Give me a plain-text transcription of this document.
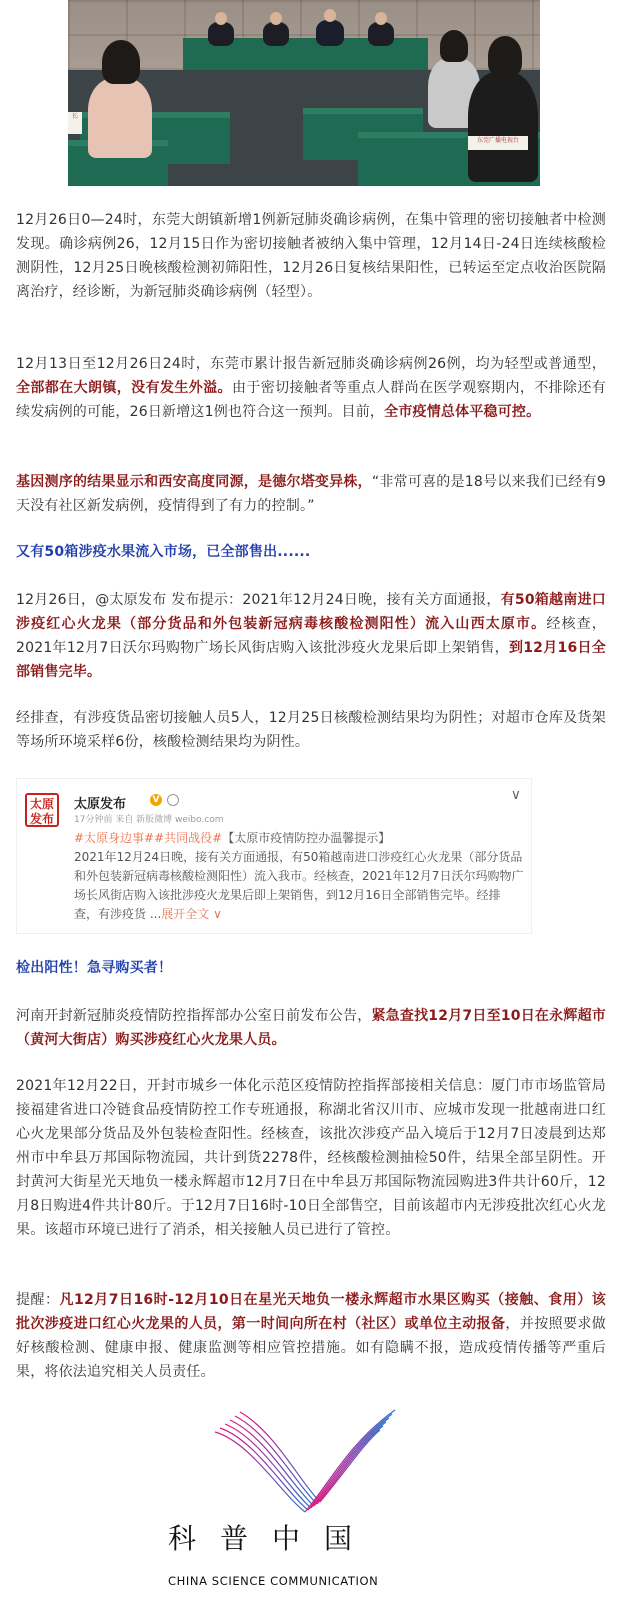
长
东莞广播电视台

12月26日0—24时，东莞大朗镇新增1例新冠肺炎确诊病例，在集中管理的密切接触者中检测发现。确诊病例26，12月15日作为密切接触者被纳入集中管理，12月14日-24日连续核酸检测阴性，12月25日晚核酸检测初筛阳性，12月26日复核结果阳性，已转运至定点收治医院隔离治疗，经诊断，为新冠肺炎确诊病例（轻型）。

12月13日至12月26日24时，东莞市累计报告新冠肺炎确诊病例26例，均为轻型或普通型，全部都在大朗镇，没有发生外溢。由于密切接触者等重点人群尚在医学观察期内，不排除还有续发病例的可能，26日新增这1例也符合这一预判。目前，全市疫情总体平稳可控。

基因测序的结果显示和西安高度同源，是德尔塔变异株，“非常可喜的是18号以来我们已经有9天没有社区新发病例，疫情得到了有力的控制。”

又有50箱涉疫水果流入市场，已全部售出......

12月26日，@太原发布 发布提示：2021年12月24日晚，接有关方面通报，有50箱越南进口涉疫红心火龙果（部分货品和外包装新冠病毒核酸检测阳性）流入山西太原市。经核查，2021年12月7日沃尔玛购物广场长风街店购入该批涉疫火龙果后即上架销售，到12月16日全部销售完毕。

经排查，有涉疫货品密切接触人员5人，12月25日核酸检测结果均为阴性；对超市仓库及货架等场所环境采样6份，核酸检测结果均为阴性。

太原
发布
太原发布	V	∨
17分钟前 来自 新版微博 weibo.com
#太原身边事##共同战役#【太原市疫情防控办温馨提示】
2021年12月24日晚，接有关方面通报，有50箱越南进口涉疫红心火龙果（部分货品和外包装新冠病毒核酸检测阳性）流入我市。经核查，2021年12月7日沃尔玛购物广场长风街店购入该批涉疫火龙果后即上架销售，到12月16日全部销售完毕。经排查，有涉疫货 ...展开全文 ∨

检出阳性！急寻购买者！

河南开封新冠肺炎疫情防控指挥部办公室日前发布公告，紧急查找12月7日至10日在永辉超市（黄河大街店）购买涉疫红心火龙果人员。

2021年12月22日，开封市城乡一体化示范区疫情防控指挥部接相关信息：厦门市市场监管局接福建省进口冷链食品疫情防控工作专班通报，称湖北省汉川市、应城市发现一批越南进口红心火龙果部分货品及外包装检查阳性。经核查，该批次涉疫产品入境后于12月7日凌晨到达郑州市中牟县万邦国际物流园，共计到货2278件，经核酸检测抽检50件，结果全部呈阴性。开封黄河大街星光天地负一楼永辉超市12月7日在中牟县万邦国际物流园购进3件共计60斤，12月8日购进4件共计80斤。于12月7日16时-10日全部售空，目前该超市内无涉疫批次红心火龙果。该超市环境已进行了消杀，相关接触人员已进行了管控。

提醒：凡12月7日16时-12月10日在星光天地负一楼永辉超市水果区购买（接触、食用）该批次涉疫进口红心火龙果的人员，第一时间向所在村（社区）或单位主动报备，并按照要求做好核酸检测、健康申报、健康监测等相应管控措施。如有隐瞒不报，造成疫情传播等严重后果，将依法追究相关人员责任。

科普中国
CHINA SCIENCE COMMUNICATION
